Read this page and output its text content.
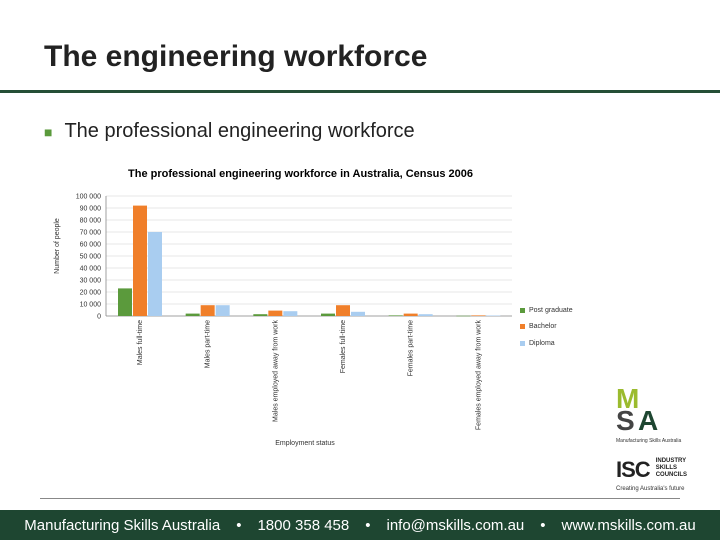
The engineering workforce
■ The professional engineering workforce
The professional engineering workforce in Australia, Census 2006
0
10 000
20 000
30 000
40 000
50 000
60 000
70 000
80 000
90 000
100 000
Males full-time	Males part-time	Males employed away from work	Females full-time	Females part-time	Females employed away from work
Number of people
Employment status
Post graduate
Bachelor
Diploma
M
S A
Manufacturing Skills Australia
ISC INDUSTRY
SKILLS
COUNCILS
Creating Australia's future
Manufacturing Skills Australia • 1800 358 458 • info@mskills.com.au • www.mskills.com.au
